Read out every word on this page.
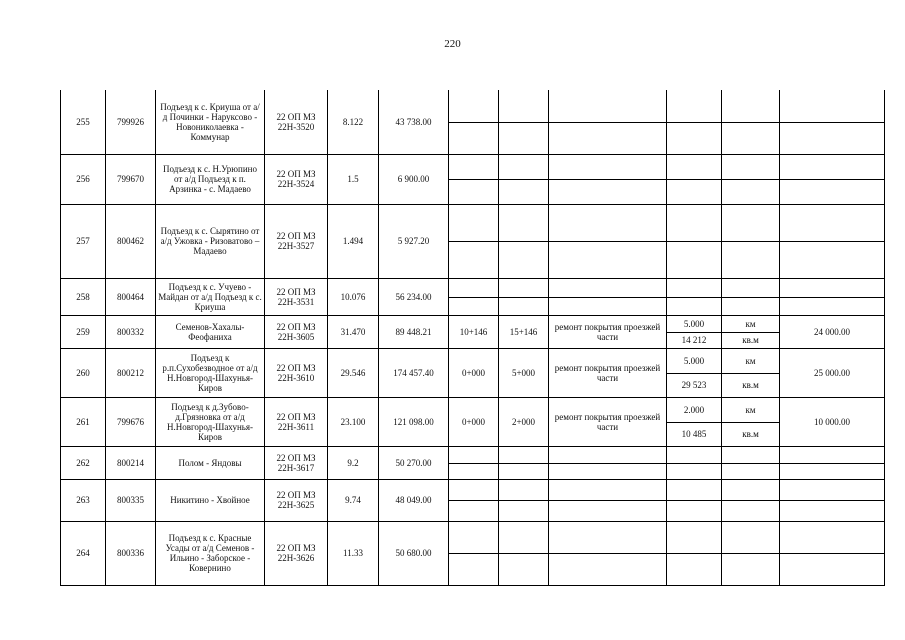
220
255	799926	Подъезд к с. Криуша от а/д Починки - Наруксово - Новониколаевка - Коммунар	22 ОП МЗ 22Н-3520	8.122	43 738.00						

256	799670	Подъезд к с. Н.Урюпино от а/д Подъезд к п. Арзинка - с. Мадаево	22 ОП МЗ 22Н-3524	1.5	6 900.00						

257	800462	Подъезд к с. Сырятино от а/д Ужовка - Ризоватово – Мадаево	22 ОП МЗ 22Н-3527	1.494	5 927.20						

258	800464	Подъезд к с. Учуево - Майдан от а/д Подъезд к с. Криуша	22 ОП МЗ 22Н-3531	10.076	56 234.00						

259	800332	Семенов-Хахалы-Феофаниха	22 ОП МЗ 22Н-3605	31.470	89 448.21	10+146	15+146	ремонт покрытия проезжей части	5.000	км	24 000.00
									14 212	кв.м	
260	800212	Подъезд к р.п.Сухобезводное от а/д Н.Новгород-Шахунья-Киров	22 ОП МЗ 22Н-3610	29.546	174 457.40	0+000	5+000	ремонт покрытия проезжей части	5.000	км	25 000.00
									29 523	кв.м	
261	799676	Подъезд к д.Зубово-д.Грязновка от а/д Н.Новгород-Шахунья-Киров	22 ОП МЗ 22Н-3611	23.100	121 098.00	0+000	2+000	ремонт покрытия проезжей части	2.000	км	10 000.00
									10 485	кв.м	
262	800214	Полом - Яндовы	22 ОП МЗ 22Н-3617	9.2	50 270.00						

263	800335	Никитино - Хвойное	22 ОП МЗ 22Н-3625	9.74	48 049.00						

264	800336	Подъезд к с. Красные Усады от а/д Семенов - Ильино - Заборское - Ковернино	22 ОП МЗ 22Н-3626	11.33	50 680.00						
